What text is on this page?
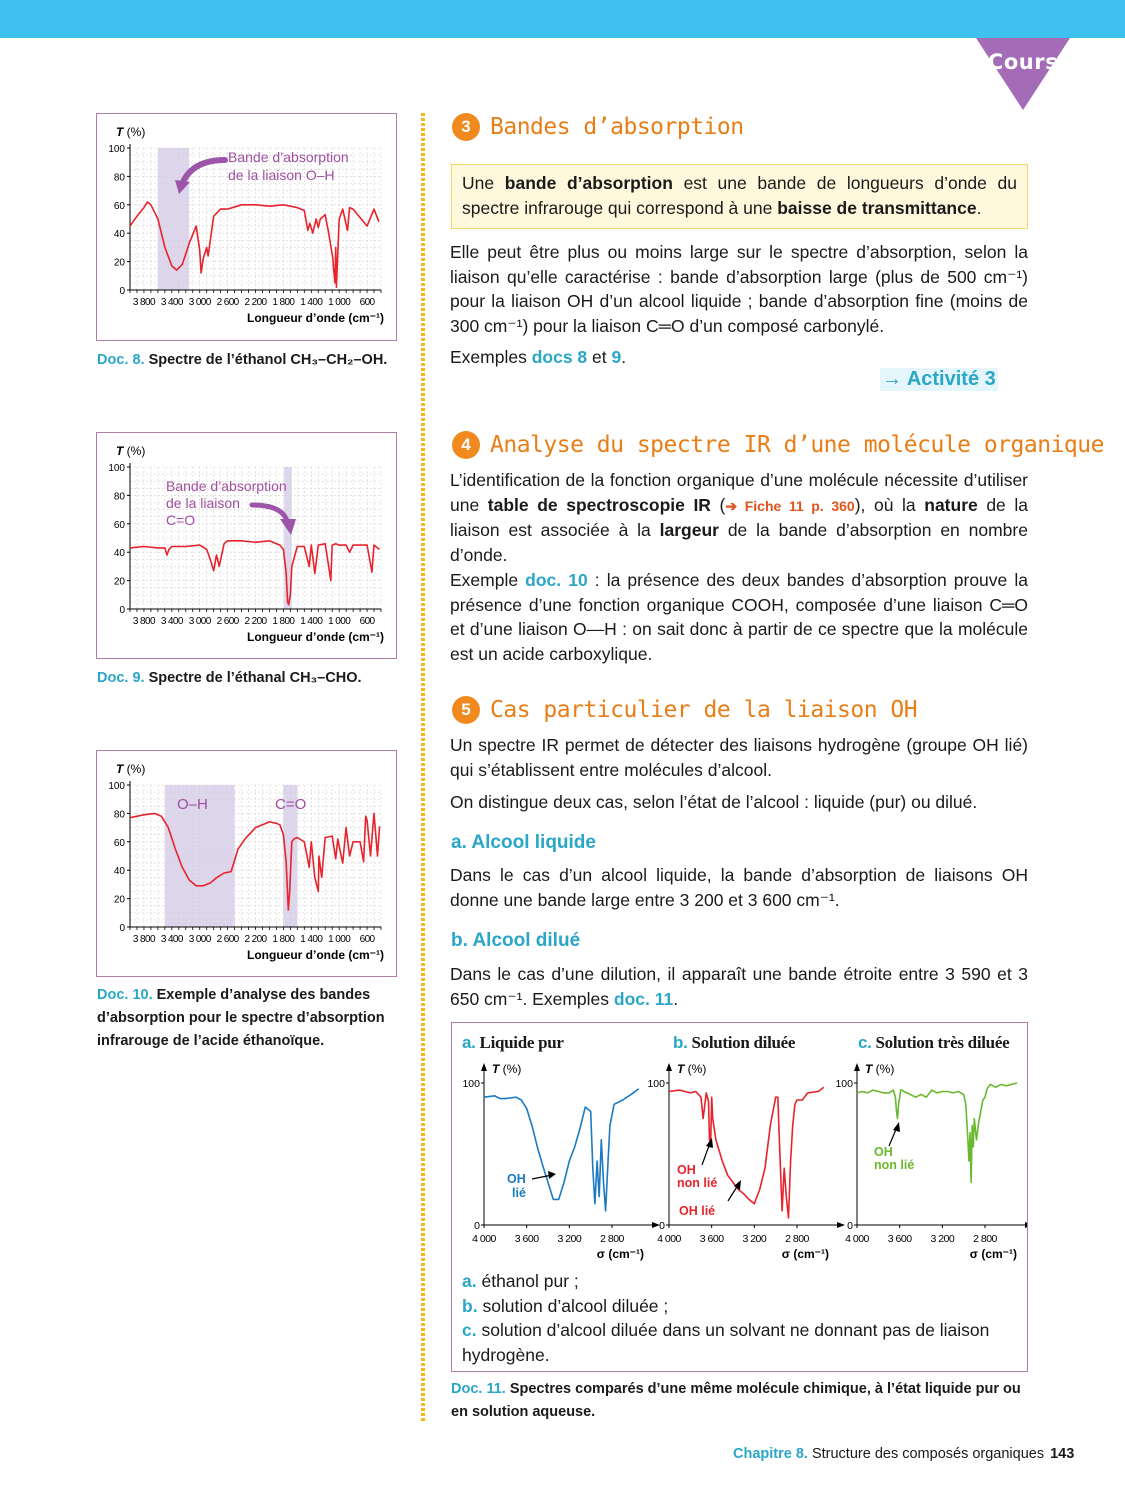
Cours
0
20
40
60
80
100
3 800 3 400 3 000 2 600 2 200 1 800 1 400 1 000 600
T (%)
Longueur d’onde (cm⁻¹)
Bande d’absorption
de la liaison O–H
Doc. 8. Spectre de l’éthanol CH₃–CH₂–OH.
0
20
40
60
80
100
3 800 3 400 3 000 2 600 2 200 1 800 1 400 1 000 600
T (%)
Longueur d’onde (cm⁻¹)
Bande d’absorption
de la liaison
C=O
Doc. 9. Spectre de l’éthanal CH₃–CHO.
0
20
40
60
80
100
3 800 3 400 3 000 2 600 2 200 1 800 1 400 1 000 600
T (%)
Longueur d’onde (cm⁻¹)
O–H	C=O
Doc. 10. Exemple d’analyse des bandes d’absorption pour le spectre d’absorption infrarouge de l’acide éthanoïque.
3 Bandes d’absorption
Une bande d’absorption est une bande de longueurs d’onde du spectre infrarouge qui correspond à une baisse de transmittance.
Elle peut être plus ou moins large sur le spectre d’absorption, selon la liaison qu’elle caractérise : bande d’absorption large (plus de 500 cm⁻¹) pour la liaison OH d’un alcool liquide ; bande d’absorption fine (moins de 300 cm⁻¹) pour la liaison C═O d’un composé carbonylé.
Exemples docs 8 et 9.
→ Activité 3
4 Analyse du spectre IR d’une molécule organique
L’identification de la fonction organique d’une molécule nécessite d’utiliser une table de spectroscopie IR (➔ Fiche 11 p. 360), où la nature de la liaison est associée à la largeur de la bande d’absorption en nombre d’onde.
Exemple doc. 10 : la présence des deux bandes d’absorption prouve la présence d’une fonction organique COOH, composée d’une liaison C═O et d’une liaison O—H : on sait donc à partir de ce spectre que la molécule est un acide carboxylique.
5 Cas particulier de la liaison OH
Un spectre IR permet de détecter des liaisons hydrogène (groupe OH lié) qui s’établissent entre molécules d’alcool.
On distingue deux cas, selon l’état de l’alcool : liquide (pur) ou dilué.
a. Alcool liquide
Dans le cas d’un alcool liquide, la bande d’absorption de liaisons OH donne une bande large entre 3 200 et 3 600 cm⁻¹.
b. Alcool dilué
Dans le cas d’une dilution, il apparaît une bande étroite entre 3 590 et 3 650 cm⁻¹. Exemples doc. 11.
a. Liquide pur	b. Solution diluée	c. Solution très diluée
0
100
T (%)
4 000 3 600 3 200 2 800
σ (cm⁻¹)
0
100
T (%)
4 000 3 600 3 200 2 800
σ (cm⁻¹)
0
100
T (%)
4 000 3 600 3 200 2 800
σ (cm⁻¹)
OH
lié
OH
non lié
OH lié
OH
non lié
a. éthanol pur ;
b. solution d’alcool diluée ;
c. solution d’alcool diluée dans un solvant ne donnant pas de liaison hydrogène.
Doc. 11. Spectres comparés d’une même molécule chimique, à l’état liquide pur ou en solution aqueuse.
Chapitre 8. Structure des composés organiques 143
